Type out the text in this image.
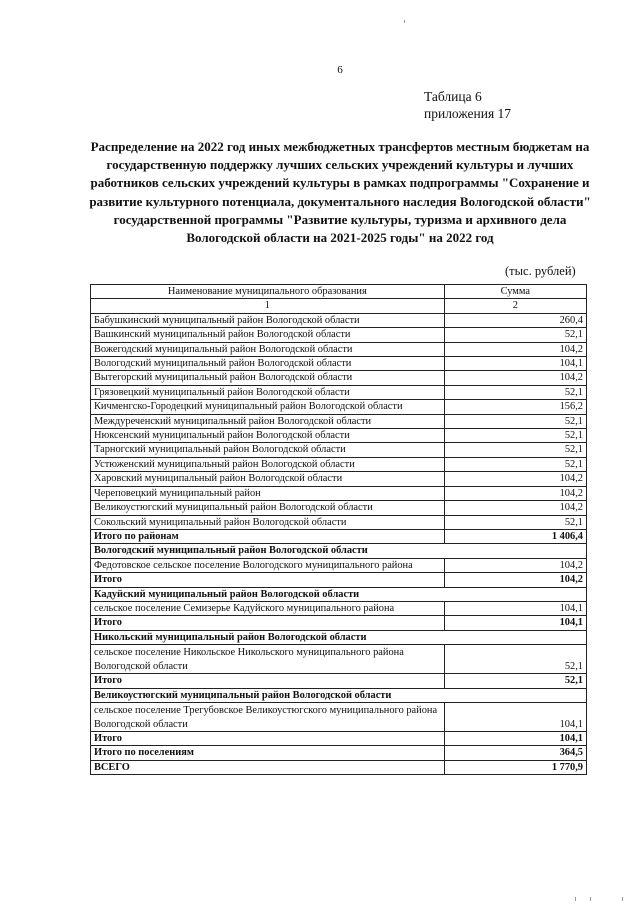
6
Таблица 6
приложения 17
Распределение на 2022 год иных межбюджетных трансфертов местным бюджетам на государственную поддержку лучших сельских учреждений культуры и лучших работников сельских учреждений культуры в рамках подпрограммы "Сохранение и развитие культурного потенциала, документального наследия Вологодской области" государственной программы "Развитие культуры, туризма и архивного дела Вологодской области на 2021-2025 годы" на 2022 год
(тыс. рублей)
Наименование муниципального образования	Сумма
1	2
Бабушкинский муниципальный район Вологодской области	260,4
Вашкинский муниципальный район Вологодской области	52,1
Вожегодский муниципальный район Вологодской области	104,2
Вологодский муниципальный район Вологодской области	104,1
Вытегорский муниципальный район Вологодской области	104,2
Грязовецкий муниципальный район Вологодской области	52,1
Кичменгско-Городецкий муниципальный район Вологодской области	156,2
Междуреченский муниципальный район Вологодской области	52,1
Нюксенский муниципальный район Вологодской области	52,1
Тарногский муниципальный район Вологодской области	52,1
Устюженский муниципальный район Вологодской области	52,1
Харовский муниципальный район Вологодской области	104,2
Череповецкий муниципальный район	104,2
Великоустюгский муниципальный район Вологодской области	104,2
Сокольский муниципальный район Вологодской области	52,1
Итого по районам	1 406,4
Вологодский муниципальный район Вологодской области	
Федотовское сельское поселение Вологодского муниципального района	104,2
Итого	104,2
Кадуйский муниципальный район Вологодской области	
сельское поселение Семизерье Кадуйского муниципального района	104,1
Итого	104,1
Никольский муниципальный район Вологодской области	
сельское поселение Никольское Никольского муниципального района Вологодской области	52,1
Итого	52,1
Великоустюгский муниципальный район Вологодской области	
сельское поселение Трегубовское Великоустюгского муниципального района Вологодской области	104,1
Итого	104,1
Итого по поселениям	364,5
ВСЕГО	1 770,9
